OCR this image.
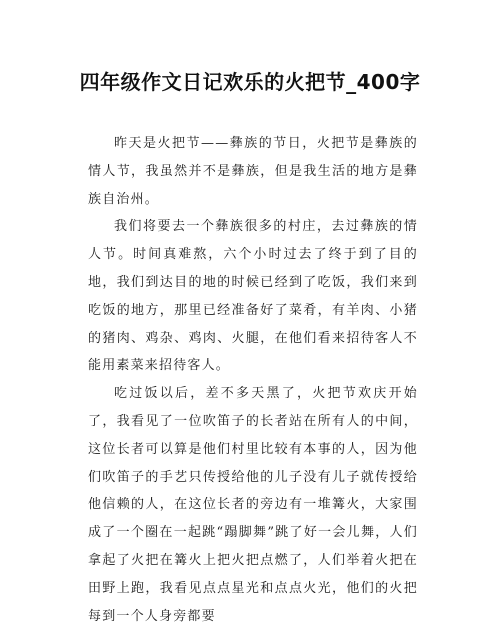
四年级作文日记欢乐的火把节_400字

昨天是火把节——彝族的节日，火把节是彝族的情人节，我虽然并不是彝族，但是我生活的地方是彝族自治州。

我们将要去一个彝族很多的村庄，去过彝族的情人节。时间真难熬，六个小时过去了终于到了目的地，我们到达目的地的时候已经到了吃饭，我们来到吃饭的地方，那里已经准备好了菜肴，有羊肉、小猪的猪肉、鸡杂、鸡肉、火腿，在他们看来招待客人不能用素菜来招待客人。

吃过饭以后，差不多天黑了，火把节欢庆开始了，我看见了一位吹笛子的长者站在所有人的中间，这位长者可以算是他们村里比较有本事的人，因为他们吹笛子的手艺只传授给他的儿子没有儿子就传授给他信赖的人，在这位长者的旁边有一堆篝火，大家围成了一个圈在一起跳“蹋脚舞”跳了好一会儿舞，人们拿起了火把在篝火上把火把点燃了，人们举着火把在田野上跑，我看见点点星光和点点火光，他们的火把每到一个人身旁都要
